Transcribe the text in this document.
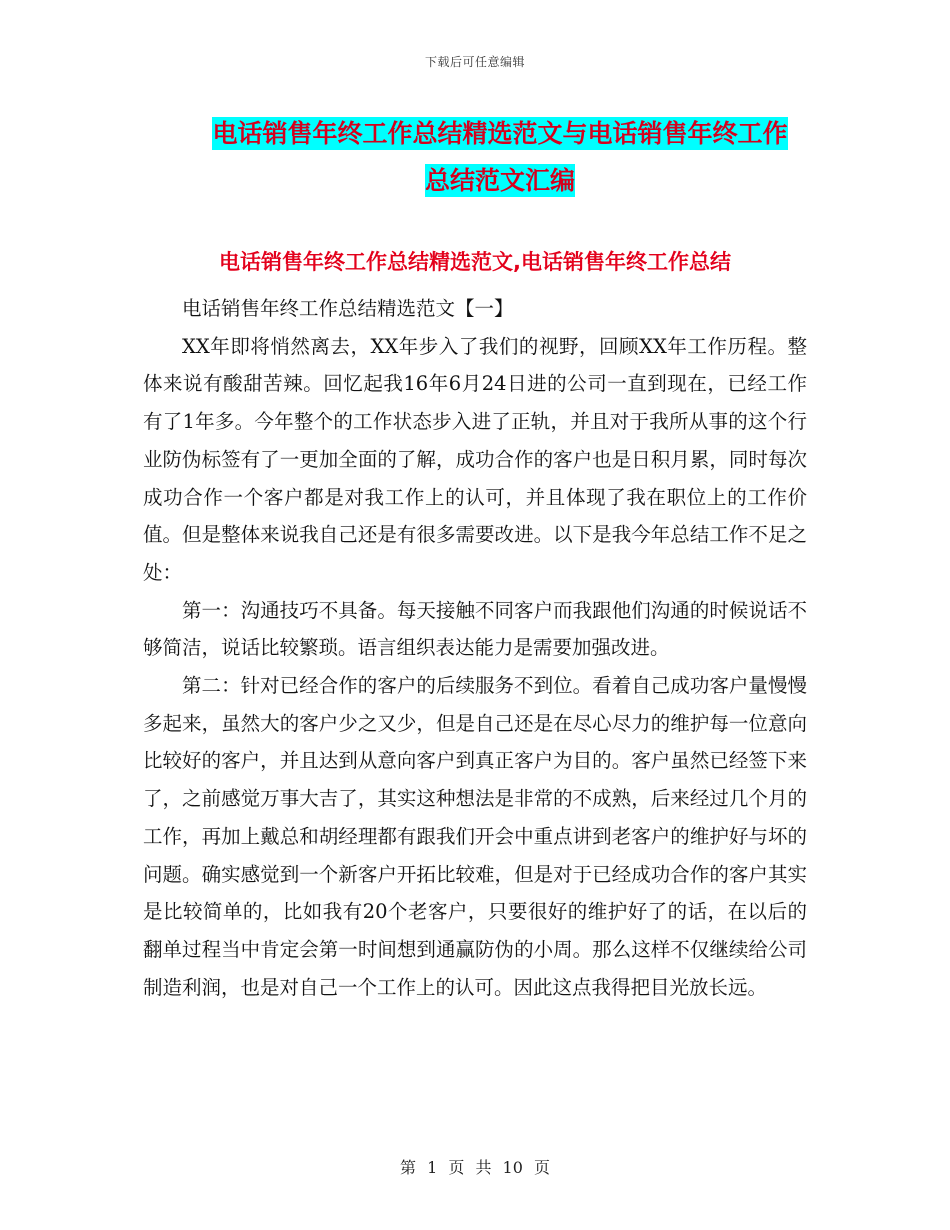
下载后可任意编辑
电话销售年终工作总结精选范文与电话销售年终工作
总结范文汇编
电话销售年终工作总结精选范文,电话销售年终工作总结

电话销售年终工作总结精选范文【一】

XX年即将悄然离去，XX年步入了我们的视野，回顾XX年工作历程。整体来说有酸甜苦辣。回忆起我16年6月24日进的公司一直到现在，已经工作有了1年多。今年整个的工作状态步入进了正轨，并且对于我所从事的这个行业防伪标签有了一更加全面的了解，成功合作的客户也是日积月累，同时每次成功合作一个客户都是对我工作上的认可，并且体现了我在职位上的工作价值。但是整体来说我自己还是有很多需要改进。以下是我今年总结工作不足之处：

第一：沟通技巧不具备。每天接触不同客户而我跟他们沟通的时候说话不够简洁，说话比较繁琐。语言组织表达能力是需要加强改进。

第二：针对已经合作的客户的后续服务不到位。看着自己成功客户量慢慢多起来，虽然大的客户少之又少，但是自己还是在尽心尽力的维护每一位意向比较好的客户，并且达到从意向客户到真正客户为目的。客户虽然已经签下来了，之前感觉万事大吉了，其实这种想法是非常的不成熟，后来经过几个月的工作，再加上戴总和胡经理都有跟我们开会中重点讲到老客户的维护好与坏的问题。确实感觉到一个新客户开拓比较难，但是对于已经成功合作的客户其实是比较简单的，比如我有20个老客户，只要很好的维护好了的话，在以后的翻单过程当中肯定会第一时间想到通赢防伪的小周。那么这样不仅继续给公司制造利润，也是对自己一个工作上的认可。因此这点我得把目光放长远。

第 1 页 共 10 页
